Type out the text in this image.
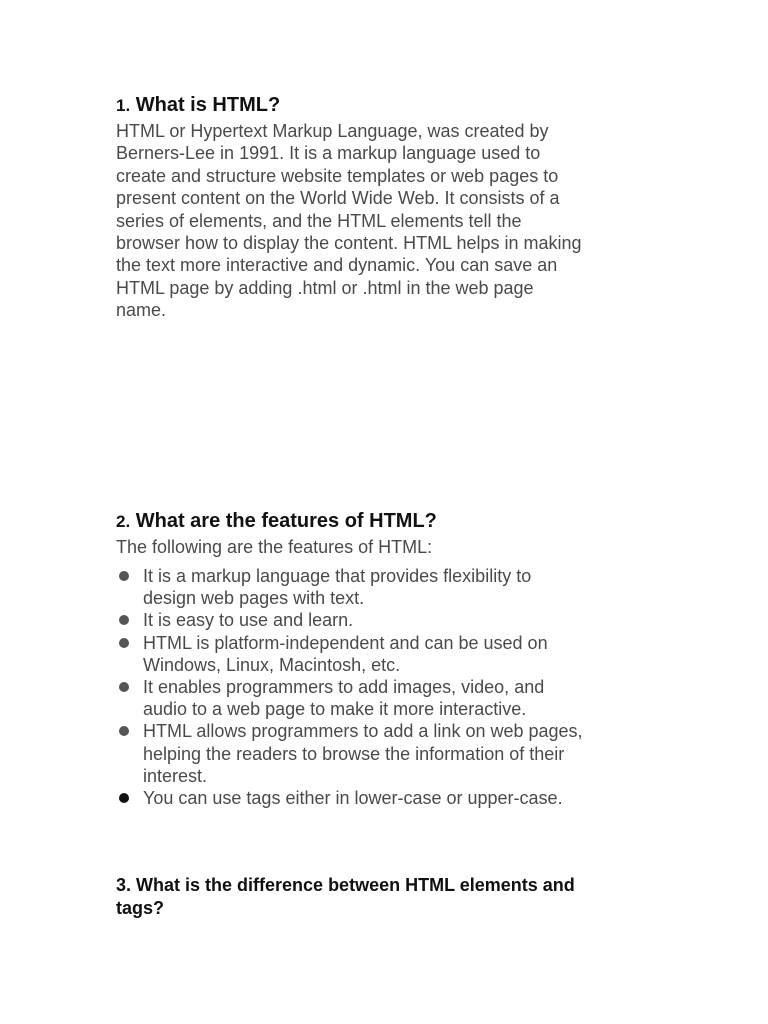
1. What is HTML?
HTML or Hypertext Markup Language, was created by
Berners-Lee in 1991. It is a markup language used to
create and structure website templates or web pages to
present content on the World Wide Web. It consists of a
series of elements, and the HTML elements tell the
browser how to display the content. HTML helps in making
the text more interactive and dynamic. You can save an
HTML page by adding .html or .html in the web page
name.
2. What are the features of HTML?
The following are the features of HTML:
It is a markup language that provides flexibility to
design web pages with text.
It is easy to use and learn.
HTML is platform-independent and can be used on
Windows, Linux, Macintosh, etc.
It enables programmers to add images, video, and
audio to a web page to make it more interactive.
HTML allows programmers to add a link on web pages,
helping the readers to browse the information of their
interest.
You can use tags either in lower-case or upper-case.
3. What is the difference between HTML elements and
tags?
